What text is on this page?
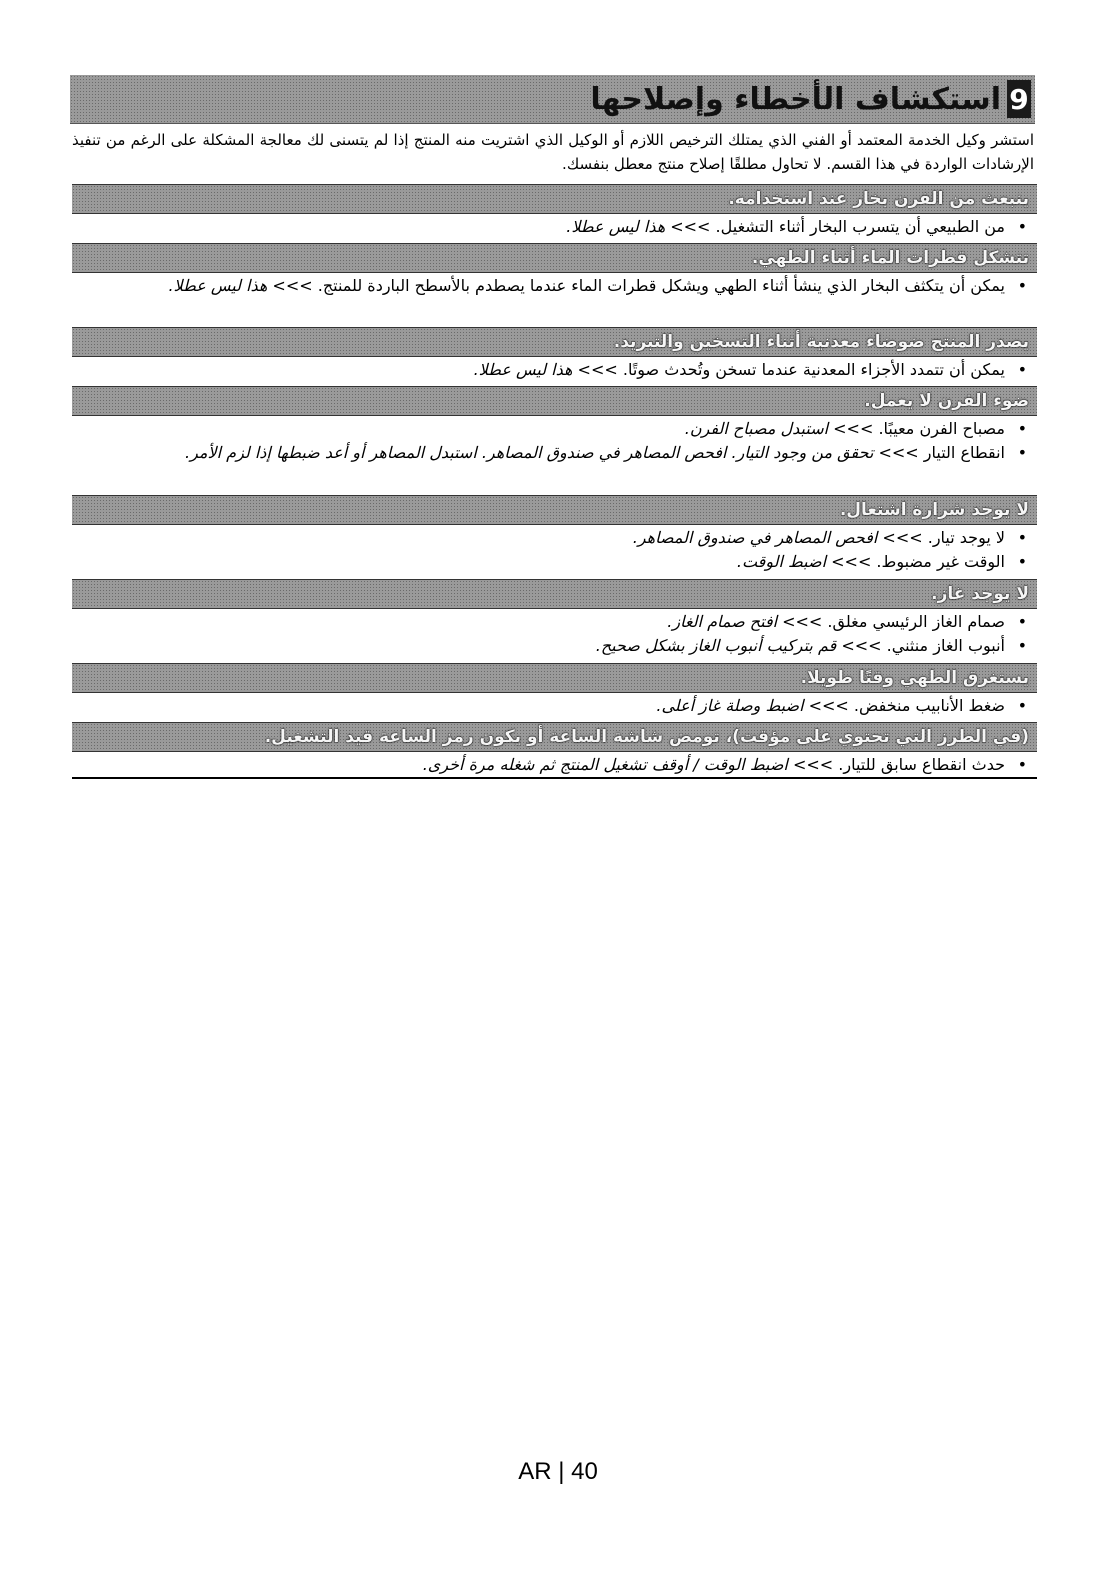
9
استكشاف الأخطاء وإصلاحها
استشر وكيل الخدمة المعتمد أو الفني الذي يمتلك الترخيص اللازم أو الوكيل الذي اشتريت منه المنتج إذا لم يتسنى لك معالجة المشكلة على الرغم من تنفيذ الإرشادات الواردة في هذا القسم. لا تحاول مطلقًا إصلاح منتج معطل بنفسك.
ينبعث من الفرن بخار عند استخدامه.
•
من الطبيعي أن يتسرب البخار أثناء التشغيل. >>> هذا ليس عطلا.
تتشكل قطرات الماء أثناء الطهي.
•
يمكن أن يتكثف البخار الذي ينشأ أثناء الطهي ويشكل قطرات الماء عندما يصطدم بالأسطح الباردة للمنتج. >>> هذا ليس عطلا.
يصدر المنتج ضوضاء معدنية أثناء التسخين والتبريد.
•
يمكن أن تتمدد الأجزاء المعدنية عندما تسخن وتُحدث صوتًا. >>> هذا ليس عطلا.
ضوء الفرن لا يعمل.
•
مصباح الفرن معيبًا. >>> استبدل مصباح الفرن.
•
انقطاع التيار >>> تحقق من وجود التيار. افحص المصاهر في صندوق المصاهر. استبدل المصاهر أو أعد ضبطها إذا لزم الأمر.
لا يوجد شرارة اشتعال.
•
لا يوجد تيار. >>> افحص المصاهر في صندوق المصاهر.
•
الوقت غير مضبوط. >>> اضبط الوقت.
لا يوجد غاز.
•
صمام الغاز الرئيسي مغلق. >>> افتح صمام الغاز.
•
أنبوب الغاز منثني. >>> قم بتركيب أنبوب الغاز بشكل صحيح.
يستغرق الطهي وقتًا طويلا.
•
ضغط الأنابيب منخفض. >>> اضبط وصلة غاز أعلى.
(في الطرز التي تحتوي على مؤقت)، تومض شاشة الساعة أو يكون رمز الساعة قيد التشغيل.
•
حدث انقطاع سابق للتيار. >>> اضبط الوقت / أوقف تشغيل المنتج ثم شغله مرة أخرى.
AR | 40
